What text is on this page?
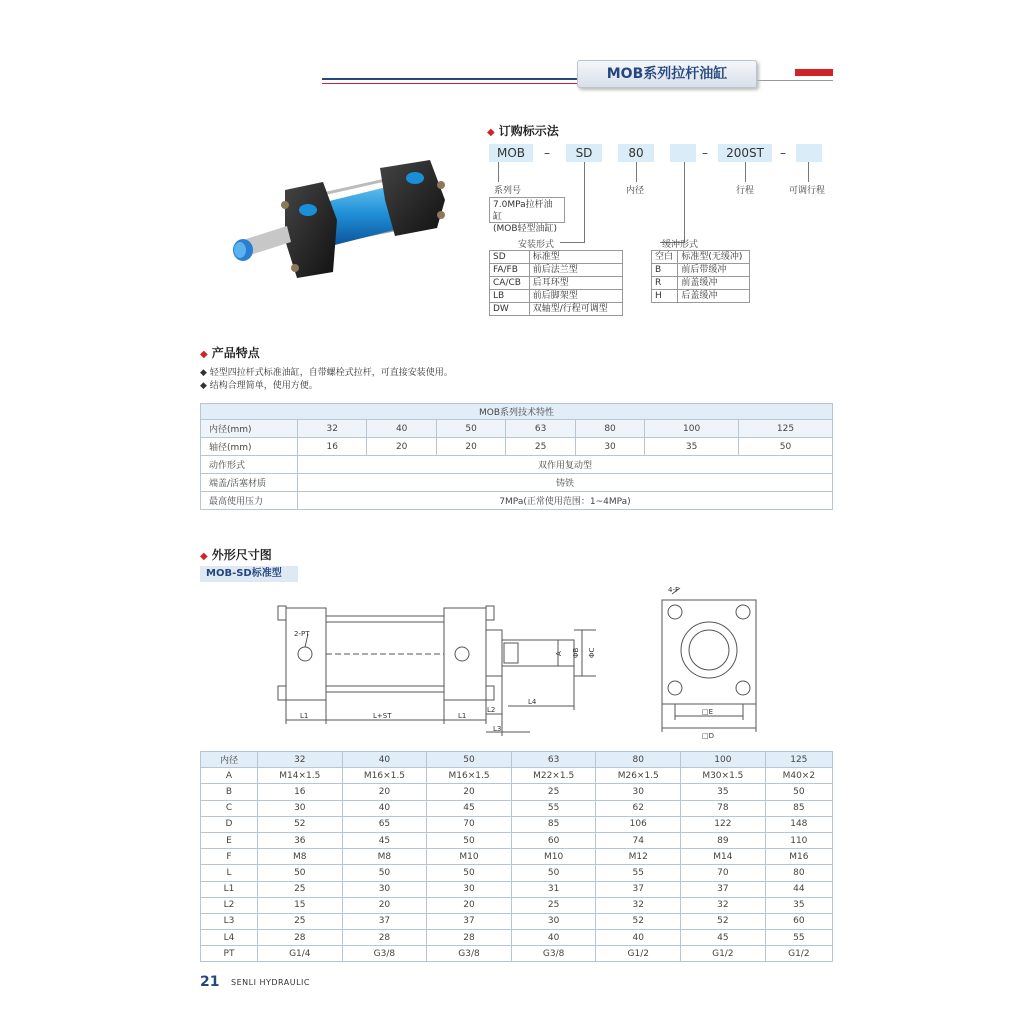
MOB系列拉杆油缸
◆ 订购标示法
MOB	–	SD	80	–	200ST	–
系列号	内径	行程	可调行程
7.0MPa拉杆油缸
(MOB轻型油缸)
安装形式
SD	标准型
FA/FB	前后法兰型
CA/CB	后耳环型
LB	前后脚架型
DW	双轴型/行程可调型
缓冲形式
空白	标准型(无缓冲)
B	前后带缓冲
R	前盖缓冲
H	后盖缓冲
◆ 产品特点
◆ 轻型四拉杆式标准油缸，自带螺栓式拉杆，可直接安装使用。
◆ 结构合理简单，使用方便。
MOB系列技术特性							
内径(mm)	32	40	50	63	80	100	125
轴径(mm)	16	20	20	25	30	35	50
动作形式	双作用复动型						
端盖/活塞材质	铸铁						
最高使用压力	7MPa(正常使用范围：1~4MPa)						
◆ 外形尺寸图
MOB-SD标准型
2-PT
L1	L+ST	L1
L2
L3
L4
A ΦB ΦC
4-F
□E
□D
内径	32	40	50	63	80	100	125
A	M14×1.5	M16×1.5	M16×1.5	M22×1.5	M26×1.5	M30×1.5	M40×2
B	16	20	20	25	30	35	50
C	30	40	45	55	62	78	85
D	52	65	70	85	106	122	148
E	36	45	50	60	74	89	110
F	M8	M8	M10	M10	M12	M14	M16
L	50	50	50	50	55	70	80
L1	25	30	30	31	37	37	44
L2	15	20	20	25	32	32	35
L3	25	37	37	30	52	52	60
L4	28	28	28	40	40	45	55
PT	G1/4	G3/8	G3/8	G3/8	G1/2	G1/2	G1/2
21 SENLI HYDRAULIC
